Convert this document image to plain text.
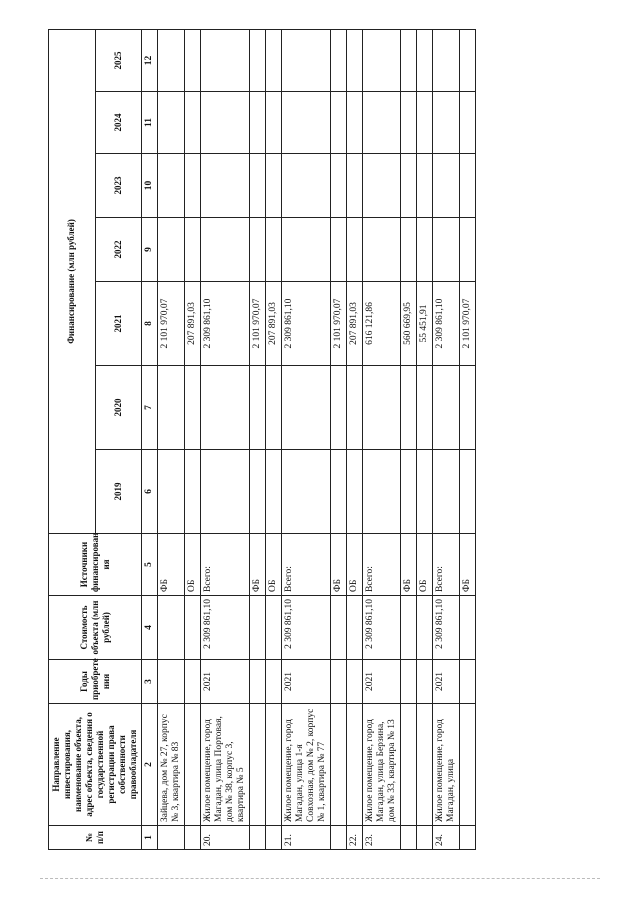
№ п/п	Направление инвестирования, наименование объекта, адрес объекта, сведения о государственной регистрации права собственности правообладателя	Годы приобрете ния	Стоимость объекта (млн рублей)	Источники финансирован ия	Финансирование (млн рублей)						
					2019	2020	2021	2022	2023	2024	2025
1	2	3	4	5	6	7	8	9	10	11	12
	Зайцева, дом № 27, корпус № 3, квартира № 83			ФБ			2 101 970,07				
				ОБ			207 891,03				
20.	Жилое помещение, город Магадан, улица Портовая, дом № 38, корпус 3, квартира № 5	2021	2 309 861,10	Всего:			2 309 861,10				
				ФБ			2 101 970,07				
				ОБ			207 891,03				
21.	Жилое помещение, город Магадан, улица 1-я Совхозная, дом № 2, корпус № 1, квартира № 77	2021	2 309 861,10	Всего:			2 309 861,10				
				ФБ			2 101 970,07				
22.				ОБ			207 891,03				
23.	Жилое помещение, город Магадан, улица Берзина, дом № 33, квартира № 13	2021	2 309 861,10	Всего:			616 121,86				
				ФБ			560 669,95				
				ОБ			55 451,91				
24.	Жилое помещение, город Магадан, улица	2021	2 309 861,10	Всего:			2 309 861,10				
				ФБ			2 101 970,07				
